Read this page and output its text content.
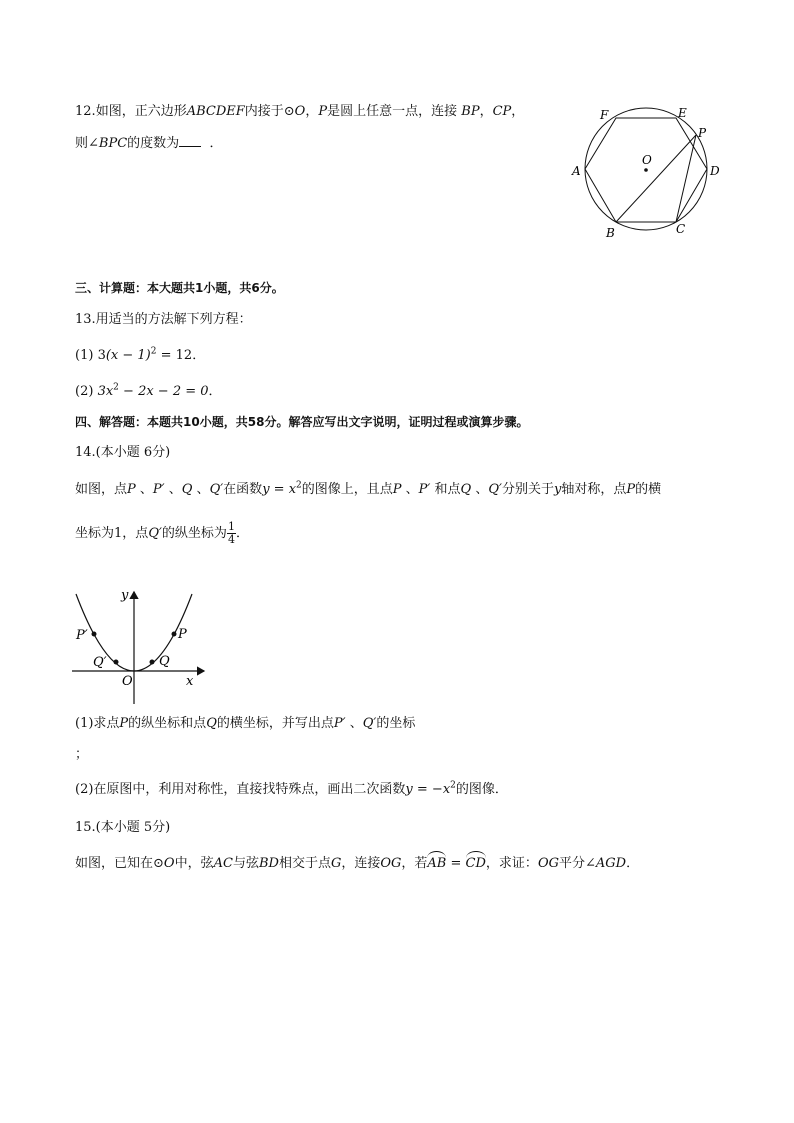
12.如图，正六边形ABCDEF内接于⊙O，P是圆上任意一点，连接 BP，CP，
则∠BPC的度数为 ．
O
A
B	C
D
E
F
P
三、计算题：本大题共1小题，共6分。
13.用适当的方法解下列方程：
(1) $3(x - 1)^2 = 12$．
(2) $3x^2 - 2x - 2 = 0$．
四、解答题：本题共10小题，共58分。解答应写出文字说明，证明过程或演算步骤。
14.(本小题 6分)
如图，点P 、P′ 、Q 、Q′在函数$y = x^2$的图像上，且点P 、P′ 和点Q 、Q′分别关于y轴对称，点P的横
坐标为1，点Q′的纵坐标为 $\frac{1}{4}$ ．
y
x
O
P
P′
Q
Q′
(1)求点P的纵坐标和点Q的横坐标，并写出点P′ 、Q′的坐标
；
(2)在原图中，利用对称性，直接找特殊点，画出二次函数$y = -x^2$的图像．
15.(本小题 5分)
如图，已知在⊙O中，弦AC与弦BD相交于点G，连接OG，若AB = CD，求证：OG平分∠AGD．
